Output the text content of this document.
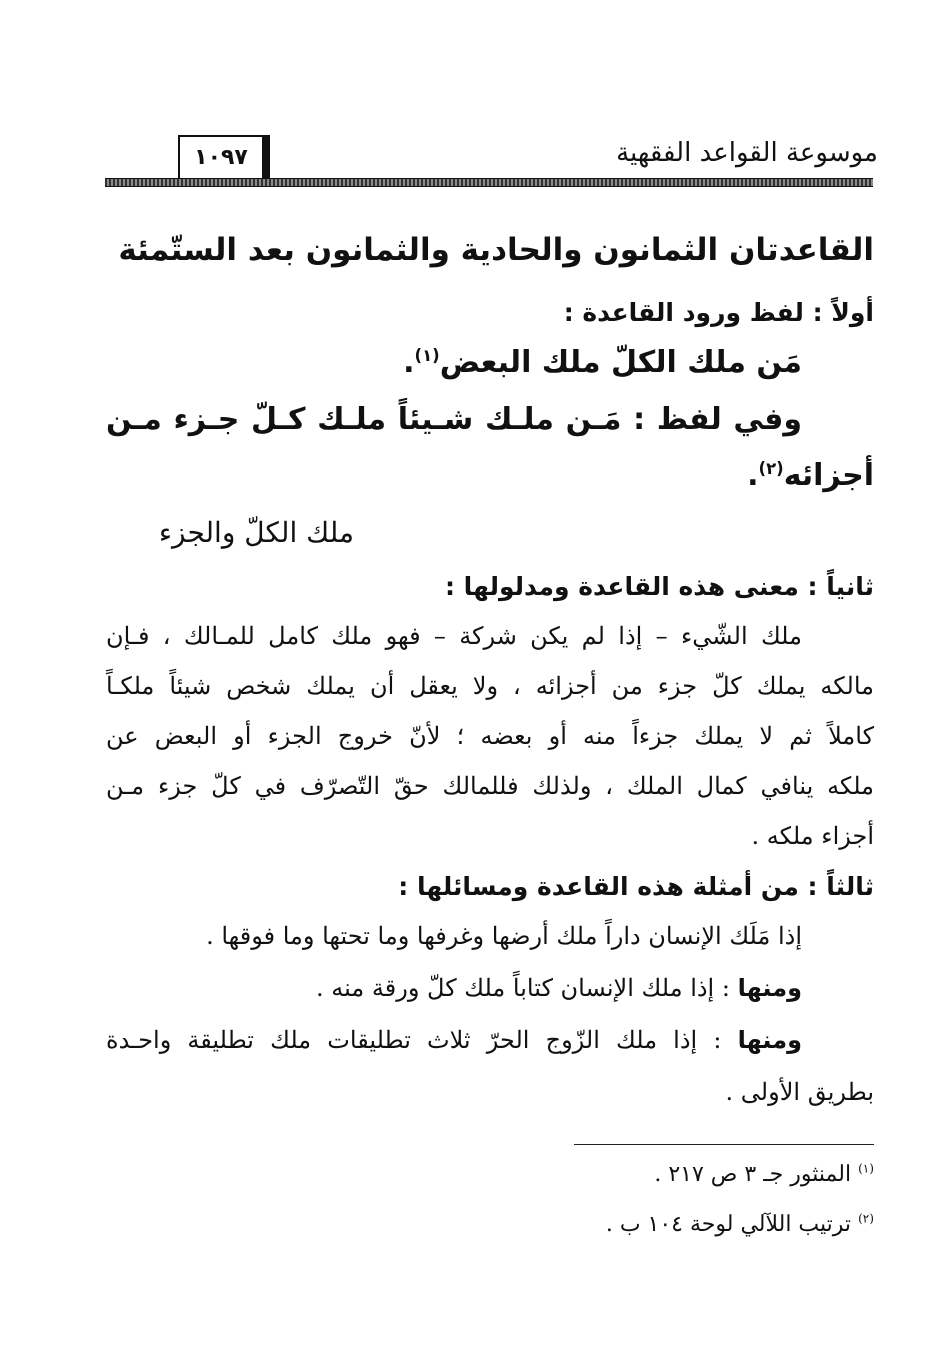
موسوعة القواعد الفقهية
١٠٩٧
القاعدتان الثمانون والحادية والثمانون بعد الستّمئة
أولاً : لفظ ورود القاعدة :
مَن ملك الكلّ ملك البعض$^{(١)}$.
وفي لفظ : مَـن ملـك شـيئاً ملـك كـلّ جـزء مـن
أجزائه$^{(٢)}$.
ملك الكلّ والجزء
ثانياً : معنى هذه القاعدة ومدلولها :
ملك الشّيء – إذا لم يكن شركة – فهو ملك كامل للمـالك ، فـإن
مالكه يملك كلّ جزء من أجزائه ، ولا يعقل أن يملك شخص شيئاً ملكـاً
كاملاً ثم لا يملك جزءاً منه أو بعضه ؛ لأنّ خروج الجزء أو البعض عن
ملكه ينافي كمال الملك ، ولذلك فللمالك حقّ التّصرّف في كلّ جزء مـن
أجزاء ملكه .
ثالثاً : من أمثلة هذه القاعدة ومسائلها :
إذا مَلَك الإنسان داراً ملك أرضها وغرفها وما تحتها وما فوقها .
ومنها : إذا ملك الإنسان كتاباً ملك كلّ ورقة منه .
ومنها : إذا ملك الزّوج الحرّ ثلاث تطليقات ملك تطليقة واحـدة
بطريق الأولى .
$^{(١)}$ المنثور جـ ٣ ص ٢١٧ .
$^{(٢)}$ ترتيب اللآلي لوحة ١٠٤ ب .
